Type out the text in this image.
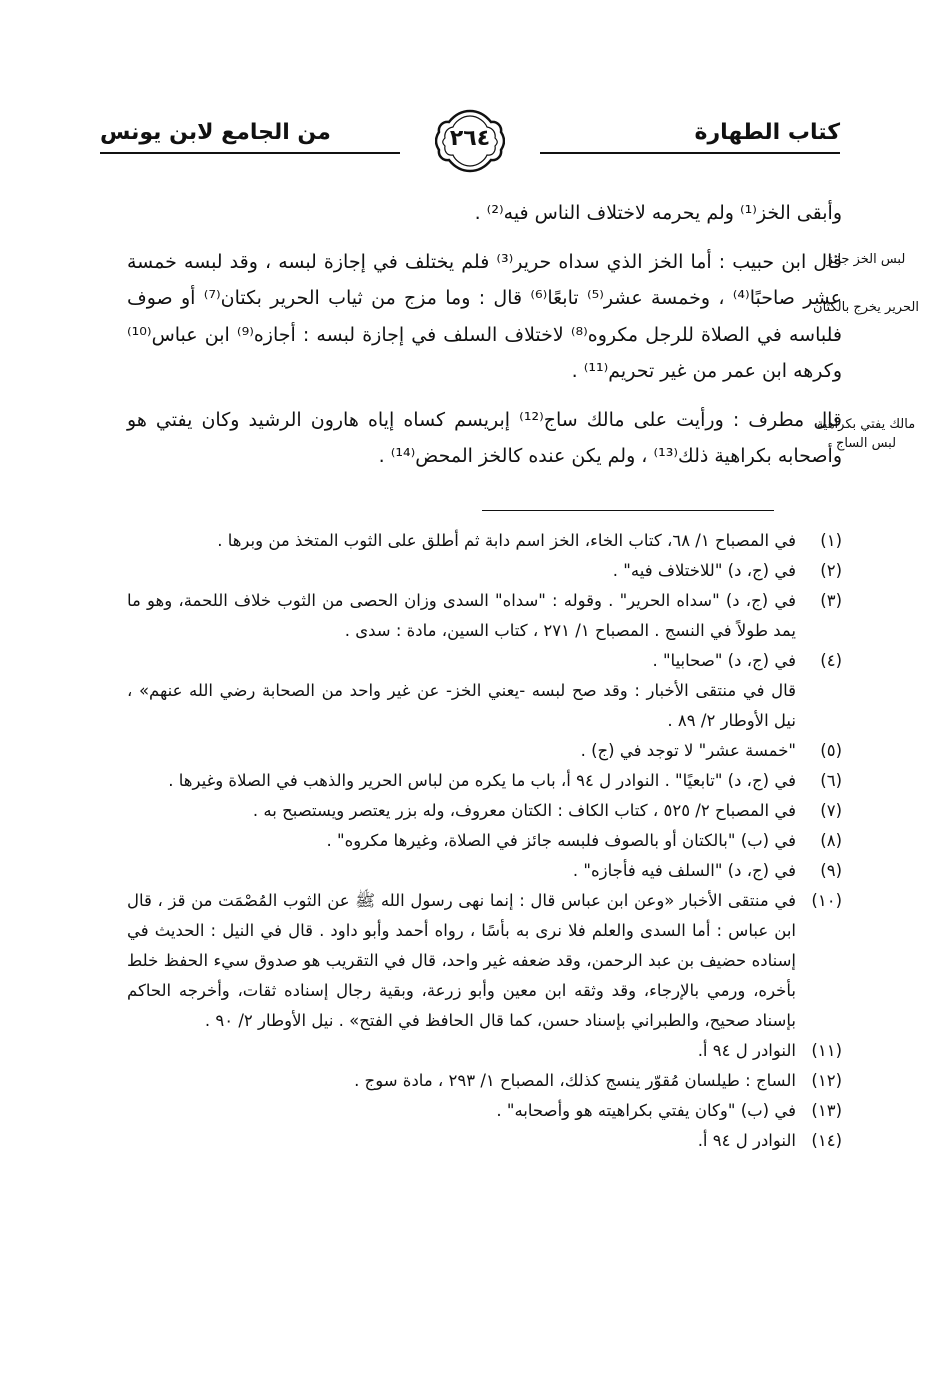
كتاب الطهارة
٢٦٤
من الجامع لابن يونس

وأبقى الخز⁽¹⁾ ولم يحرمه لاختلاف الناس فيه⁽²⁾ .

قال ابن حبيب : أما الخز الذي سداه حرير⁽³⁾ فلم يختلف في إجازة لبسه ، وقد لبسه خمسة عشر صاحبًا⁽⁴⁾ ، وخمسة عشر⁽⁵⁾ تابعًا⁽⁶⁾ قال : وما مزج من ثياب الحرير بكتان⁽⁷⁾ أو صوف فلباسه في الصلاة للرجل مكروه⁽⁸⁾ لاختلاف السلف في إجازة لبسه : أجازه⁽⁹⁾ ابن عباس⁽¹⁰⁾ وكرهه ابن عمر من غير تحريم⁽¹¹⁾ .

قال مطرف : ورأيت على مالك ساج⁽¹²⁾ إبريسم كساه إياه هارون الرشيد وكان يفتي هو وأصحابه بكراهية ذلك⁽¹³⁾ ، ولم يكن عنده كالخز المحض⁽¹⁴⁾ .

لبس الخز جائز
الحرير يخرج بالكتان
مالك يفتي بكراهية لبس الساج
(١)
في المصباح ١/ ٦٨، كتاب الخاء، الخز اسم دابة ثم أطلق على الثوب المتخذ من وبرها .
(٢)
في (ج، د) "للاختلاف فيه" .
(٣)
في (ج، د) "سداه الحرير" . وقوله : "سداه" السدى وزان الحصى من الثوب خلاف اللحمة، وهو ما يمد طولاً في النسج . المصباح ١/ ٢٧١ ، كتاب السين، مادة : سدى .
(٤)
في (ج، د) "صحابيا" .
قال في منتقى الأخبار : وقد صح لبسه -يعني الخز- عن غير واحد من الصحابة رضي الله عنهم» ، نيل الأوطار ٢/ ٨٩ .
(٥)
"خمسة عشر" لا توجد في (ج) .
(٦)
في (ج، د) "تابعيًا" . النوادر ل ٩٤ أ، باب ما يكره من لباس الحرير والذهب في الصلاة وغيرها .
(٧)
في المصباح ٢/ ٥٢٥ ، كتاب الكاف : الكتان معروف، وله بزر يعتصر ويستصبح به .
(٨)
في (ب) "بالكتان أو بالصوف فلبسه جائز في الصلاة، وغيرها مكروه" .
(٩)
في (ج، د) "السلف فيه فأجازه" .
(١٠)
في منتقى الأخبار «وعن ابن عباس قال : إنما نهى رسول الله ﷺ عن الثوب المُصْمَت من قز ، قال ابن عباس : أما السدى والعلم فلا نرى به بأسًا ، رواه أحمد وأبو داود . قال في النيل : الحديث في إسناده حضيف بن عبد الرحمن، وقد ضعفه غير واحد، قال في التقريب هو صدوق سيء الحفظ خلط بأخره، ورمي بالإرجاء، وقد وثقه ابن معين وأبو زرعة، وبقية رجال إسناده ثقات، وأخرجه الحاكم بإسناد صحيح، والطبراني بإسناد حسن، كما قال الحافظ في الفتح» . نيل الأوطار ٢/ ٩٠ .
(١١)
النوادر ل ٩٤ أ.
(١٢)
الساج : طيلسان مُقوّر ينسج كذلك، المصباح ١/ ٢٩٣ ، مادة سوج .
(١٣)
في (ب) "وكان يفتي بكراهيته هو وأصحابه" .
(١٤)
النوادر ل ٩٤ أ.
